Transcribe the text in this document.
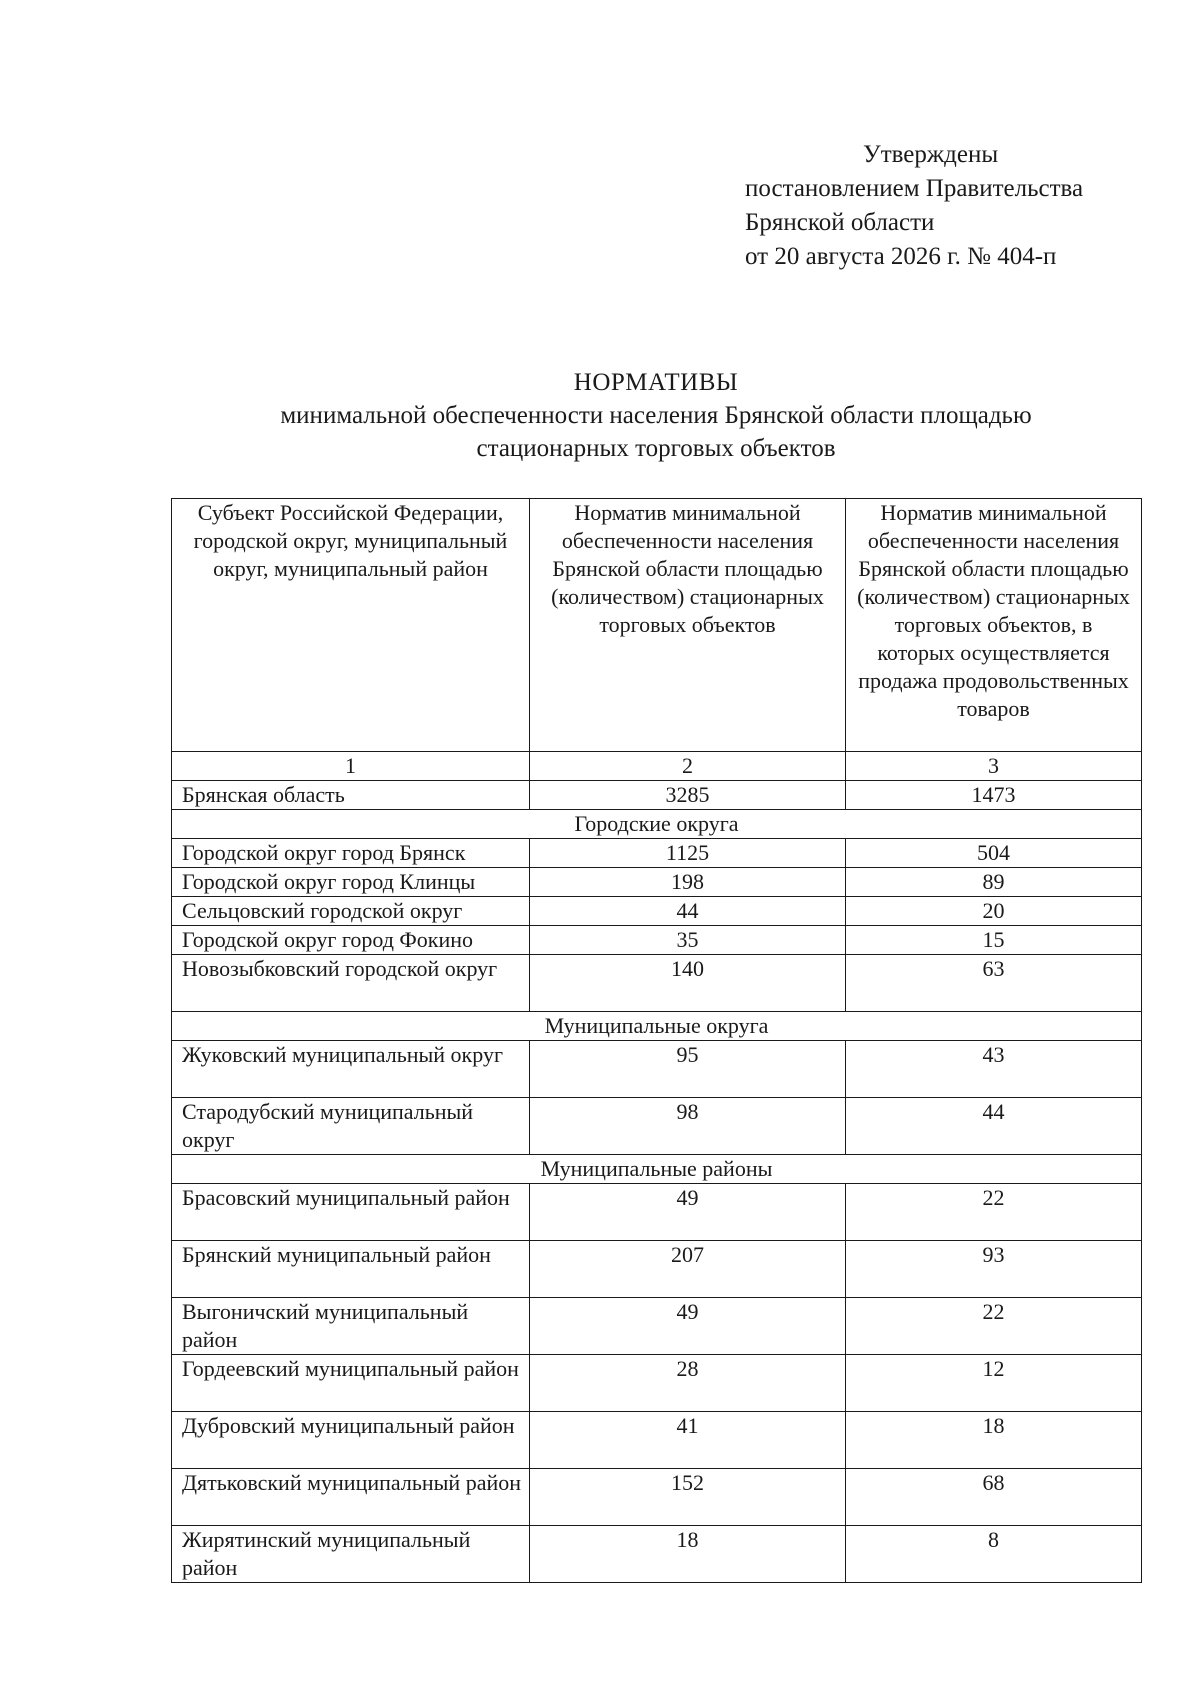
Утверждены
постановлением Правительства
Брянской области
от 20 августа 2026 г. № 404-п
НОРМАТИВЫ
минимальной обеспеченности населения Брянской области площадью
стационарных торговых объектов
Субъект Российской Федерации, городской округ, муниципальный округ, муниципальный район	Норматив минимальной обеспеченности населения Брянской области площадью (количеством) стационарных торговых объектов	Норматив минимальной обеспеченности населения Брянской области площадью (количеством) стационарных торговых объектов, в которых осуществляется продажа продовольственных товаров
1	2	3
Брянская область	3285	1473
Городские округа		
Городской округ город Брянск	1125	504
Городской округ город Клинцы	198	89
Сельцовский городской округ	44	20
Городской округ город Фокино	35	15
Новозыбковский городской округ	140	63
Муниципальные округа		
Жуковский муниципальный округ	95	43
Стародубский муниципальный округ	98	44
Муниципальные районы		
Брасовский муниципальный район	49	22
Брянский муниципальный район	207	93
Выгоничский муниципальный район	49	22
Гордеевский муниципальный район	28	12
Дубровский муниципальный район	41	18
Дятьковский муниципальный район	152	68
Жирятинский муниципальный район	18	8
